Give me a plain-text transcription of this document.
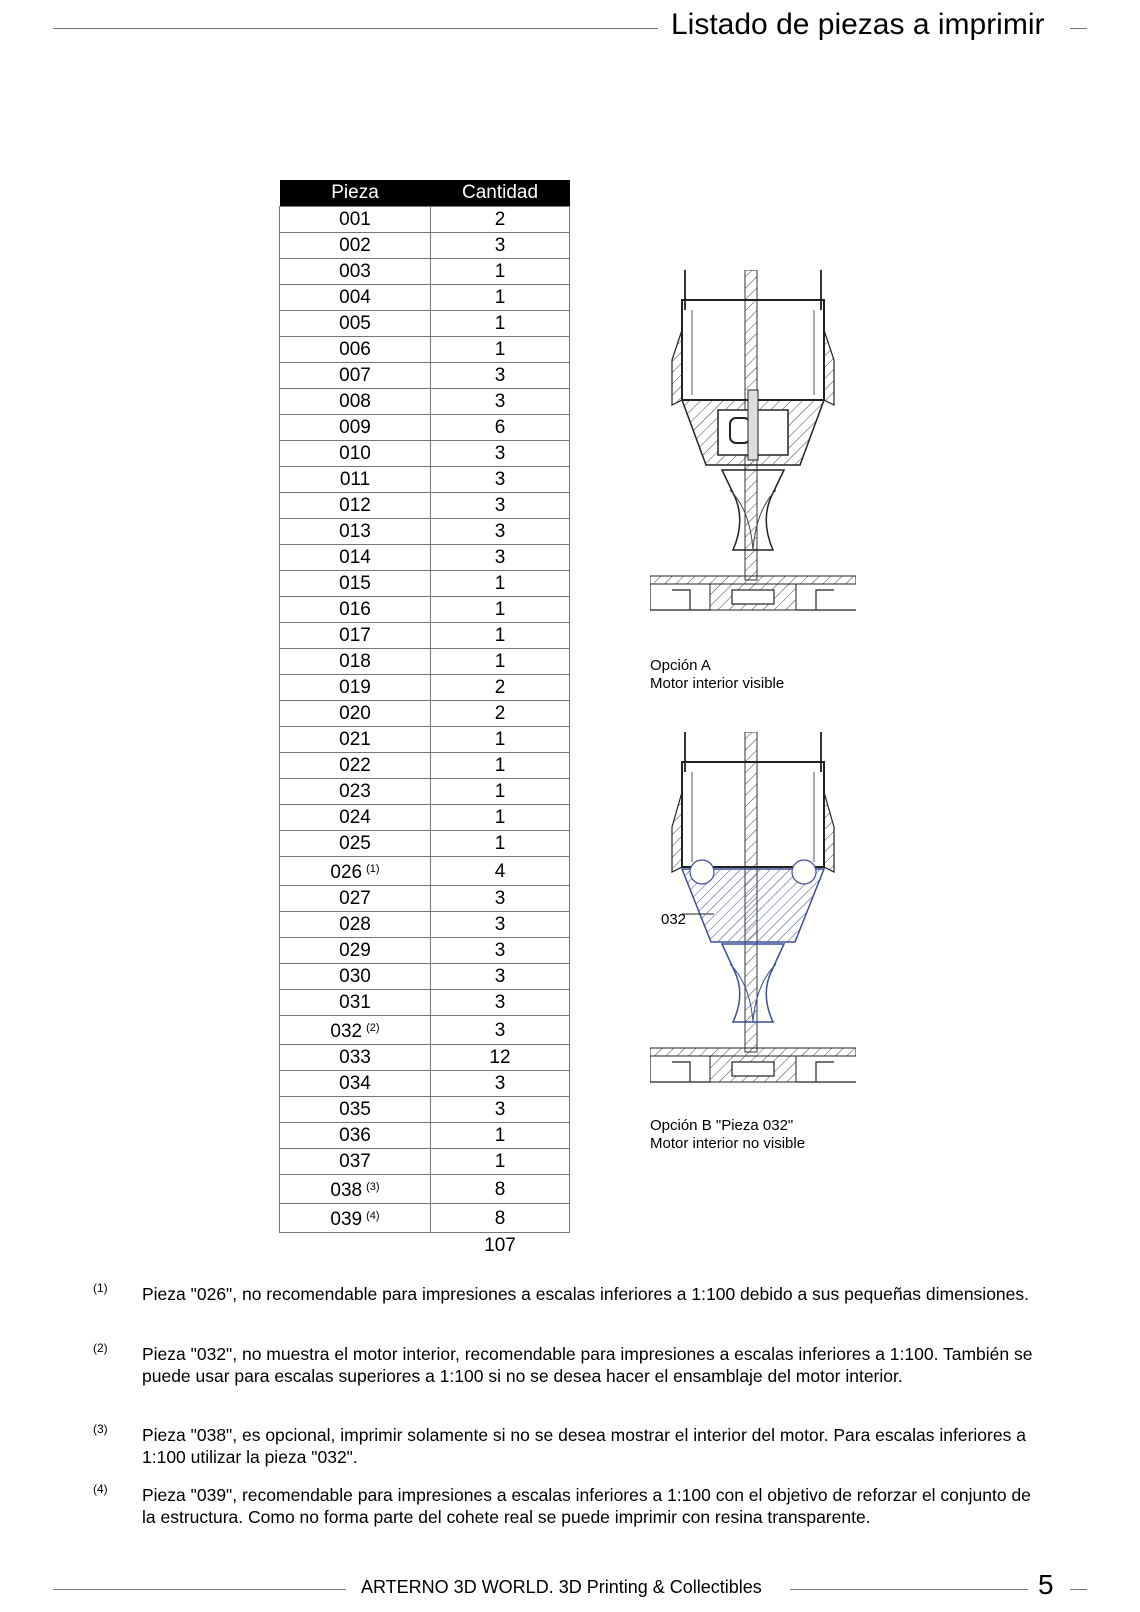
Listado de piezas a imprimir
Pieza	Cantidad
001	2
002	3
003	1
004	1
005	1
006	1
007	3
008	3
009	6
010	3
011	3
012	3
013	3
014	3
015	1
016	1
017	1
018	1
019	2
020	2
021	1
022	1
023	1
024	1
025	1
026 $^{(1)}$	4
027	3
028	3
029	3
030	3
031	3
032 $^{(2)}$	3
033	12
034	3
035	3
036	1
037	1
038 $^{(3)}$	8
039 $^{(4)}$	8
	107
Opción A
Motor interior visible
032
Opción B "Pieza 032"
Motor interior no visible
(1) Pieza "026", no recomendable para impresiones a escalas inferiores a 1:100 debido a sus pequeñas dimensiones.
(2) Pieza "032", no muestra el motor interior, recomendable para impresiones a escalas inferiores a 1:100. También se puede usar para escalas superiores a 1:100 si no se desea hacer el ensamblaje del motor interior.
(3) Pieza "038", es opcional, imprimir solamente si no se desea mostrar el interior del motor. Para escalas inferiores a 1:100 utilizar la pieza "032".
(4) Pieza "039", recomendable para impresiones a escalas inferiores a 1:100 con el objetivo de reforzar el conjunto de la estructura. Como no forma parte del cohete real se puede imprimir con resina transparente.
ARTERNO 3D WORLD. 3D Printing & Collectibles	5
